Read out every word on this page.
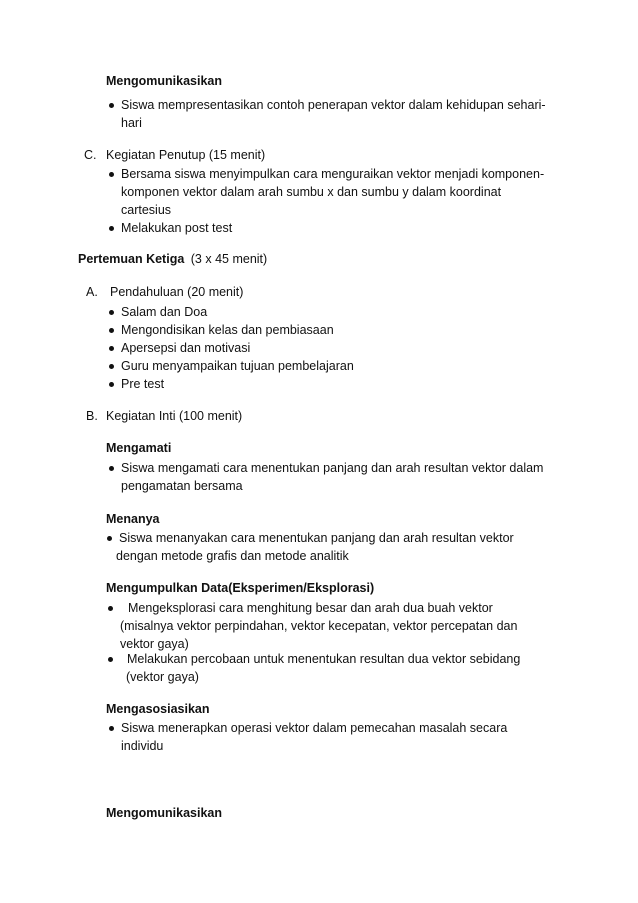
Mengomunikasikan
Siswa mempresentasikan contoh penerapan vektor dalam kehidupan sehari-
hari
C. Kegiatan Penutup (15 menit)
Bersama siswa menyimpulkan cara menguraikan vektor menjadi komponen-
komponen vektor dalam arah sumbu x dan sumbu y dalam koordinat
cartesius
Melakukan post test
Pertemuan Ketiga (3 x 45 menit)
A. Pendahuluan (20 menit)
Salam dan Doa
Mengondisikan kelas dan pembiasaan
Apersepsi dan motivasi
Guru menyampaikan tujuan pembelajaran
Pre test
B. Kegiatan Inti (100 menit)
Mengamati
Siswa mengamati cara menentukan panjang dan arah resultan vektor dalam
pengamatan bersama
Menanya
Siswa menanyakan cara menentukan panjang dan arah resultan vektor
dengan metode grafis dan metode analitik
Mengumpulkan Data(Eksperimen/Eksplorasi)
Mengeksplorasi cara menghitung besar dan arah dua buah vektor
(misalnya vektor perpindahan, vektor kecepatan, vektor percepatan dan
vektor gaya)
Melakukan percobaan untuk menentukan resultan dua vektor sebidang
(vektor gaya)
Mengasosiasikan
Siswa menerapkan operasi vektor dalam pemecahan masalah secara
individu
Mengomunikasikan
